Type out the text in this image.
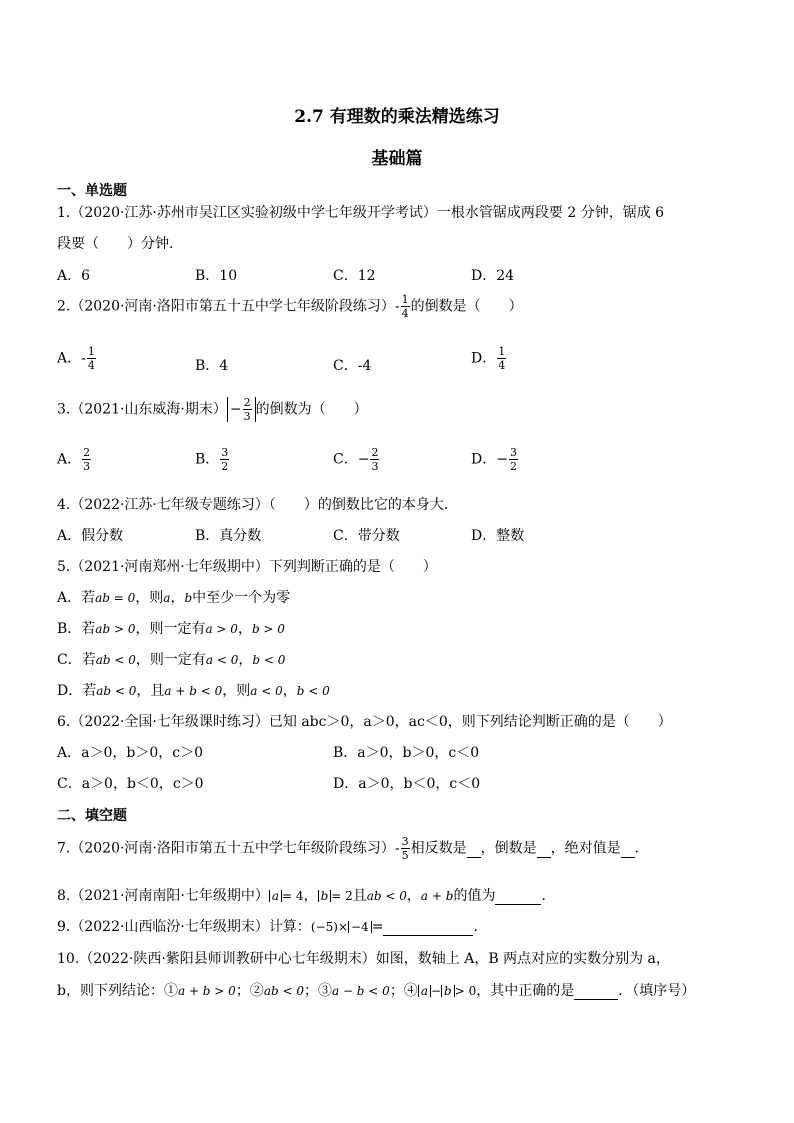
2.7 有理数的乘法精选练习
基础篇
一、单选题
1.（2020·江苏·苏州市吴江区实验初级中学七年级开学考试）一根水管锯成两段要 2 分钟，锯成 6
段要（　　）分钟．
A．6	B．10	C．12	D．24
2.（2020·河南·洛阳市第五十五中学七年级阶段练习）- $\frac{1}{4}$ 的倒数是（　　）
A．- $\frac{1}{4}$	B．4	C．-4	D． $\frac{1}{4}$
3.（2021·山东威海·期末） − $\frac{2}{3}$ 的倒数为（　　）
A． $\frac{2}{3}$	B． $\frac{3}{2}$	C．− $\frac{2}{3}$	D．− $\frac{3}{2}$
4.（2022·江苏·七年级专题练习）（　　）的倒数比它的本身大．
A．假分数	B．真分数	C．带分数	D．整数
5.（2021·河南郑州·七年级期中）下列判断正确的是（　　）
A．若ab = 0，则a，b中至少一个为零
B．若ab > 0，则一定有a > 0，b > 0
C．若ab < 0，则一定有a < 0，b < 0
D．若ab < 0，且a + b < 0，则a < 0，b < 0
6.（2022·全国·七年级课时练习）已知 abc＞0，a＞0，ac＜0，则下列结论判断正确的是（　　）
A．a＞0，b＞0，c＞0	B．a＞0，b＞0，c＜0
C．a＞0，b＜0，c＞0	D．a＞0，b＜0，c＜0
二、填空题
7.（2020·河南·洛阳市第五十五中学七年级阶段练习）- $\frac{3}{5}$ 相反数是 ，倒数是 ，绝对值是 ．
8.（2021·河南南阳·七年级期中） a = 4， b = 2且ab < 0，a + b的值为	．
9.（2022·山西临汾·七年级期末）计算：(−5)× −4 =	．
10.（2022·陕西·紫阳县师训教研中心七年级期末）如图，数轴上 A，B 两点对应的实数分别为 a，
b，则下列结论：①a + b > 0；②ab < 0；③a − b < 0；④ a − b > 0，其中正确的是	．（填序号）
